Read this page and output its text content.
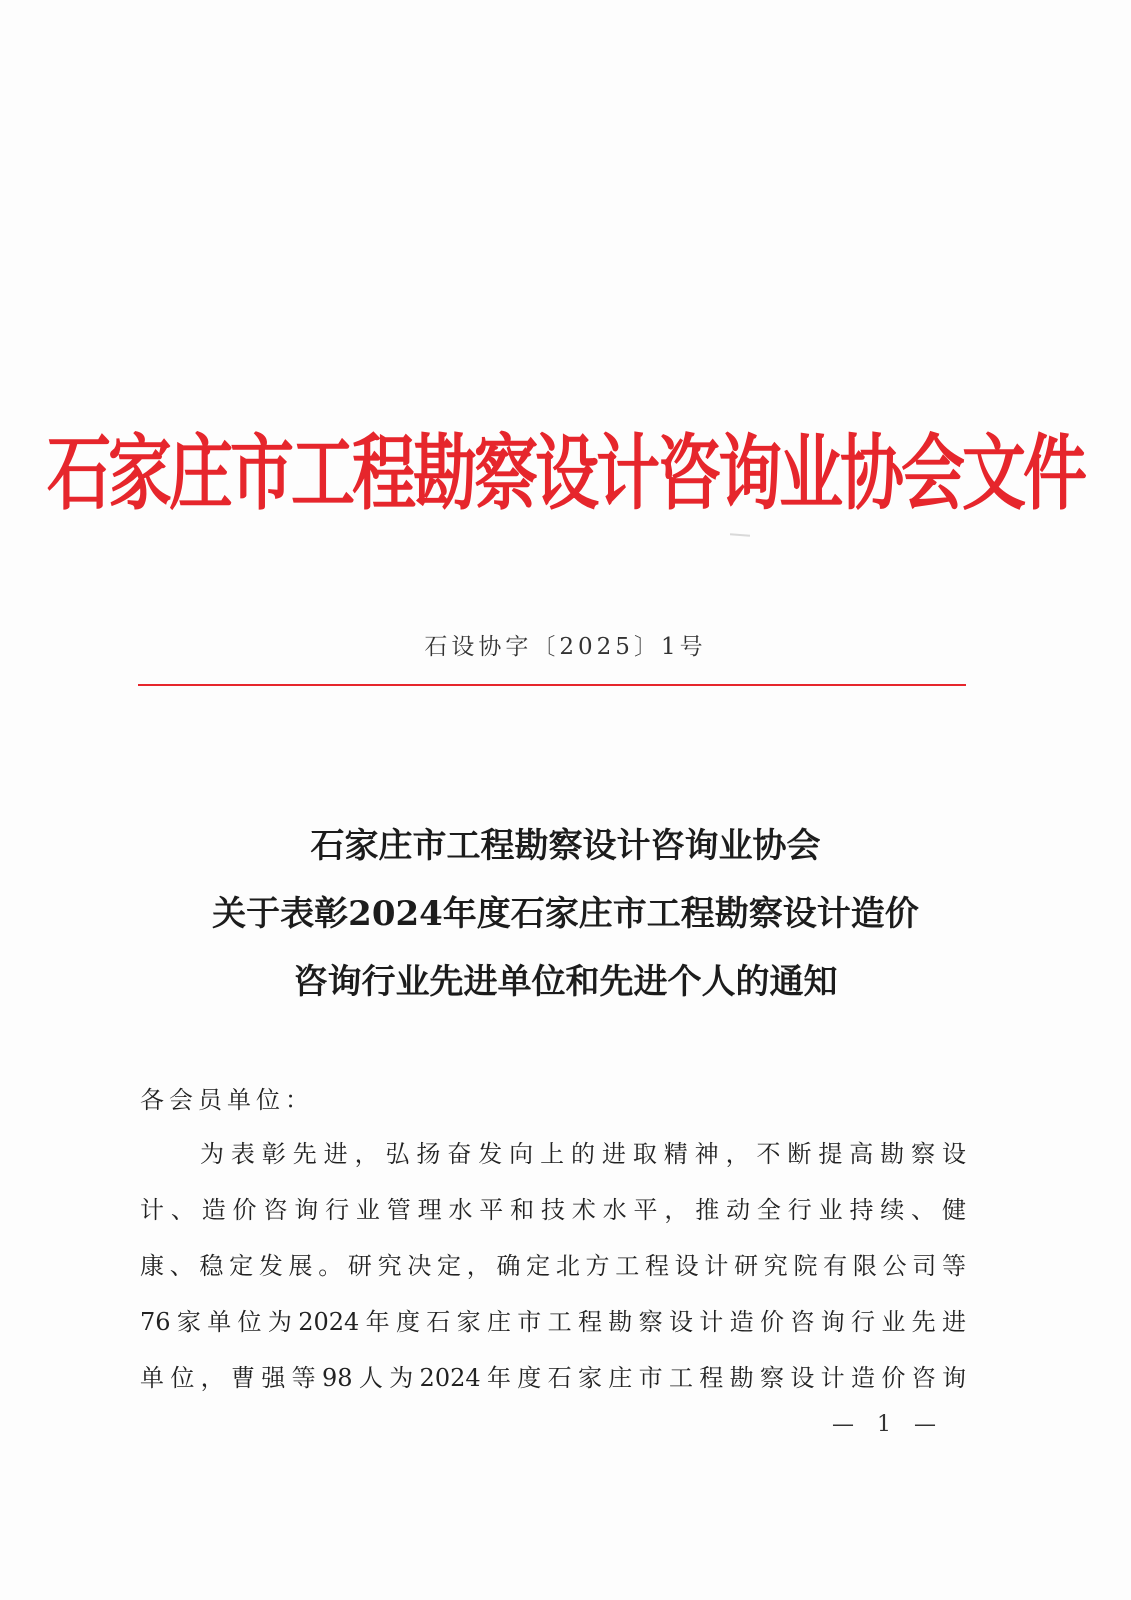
石家庄市工程勘察设计咨询业协会文件
石设协字〔2025〕1号
石家庄市工程勘察设计咨询业协会
关于表彰2024年度石家庄市工程勘察设计造价
咨询行业先进单位和先进个人的通知
各会员单位：
为表彰先进，弘扬奋发向上的进取精神，不断提高勘察设
计、造价咨询行业管理水平和技术水平，推动全行业持续、健
康、稳定发展。研究决定，确定北方工程设计研究院有限公司等
76家单位为2024年度石家庄市工程勘察设计造价咨询行业先进
单位，曹强等98人为2024年度石家庄市工程勘察设计造价咨询
— 1 —
